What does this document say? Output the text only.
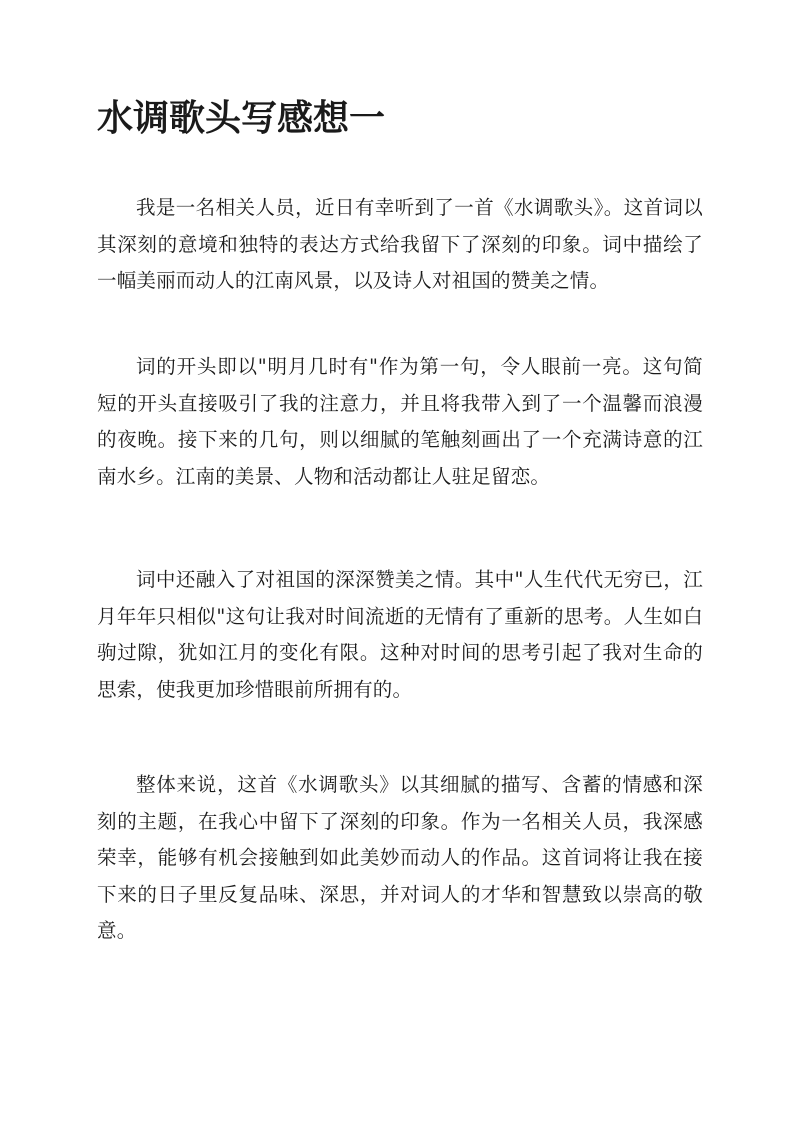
水调歌头写感想一

我是一名相关人员，近日有幸听到了一首《水调歌头》。这首词以其深刻的意境和独特的表达方式给我留下了深刻的印象。词中描绘了一幅美丽而动人的江南风景，以及诗人对祖国的赞美之情。

词的开头即以"明月几时有"作为第一句，令人眼前一亮。这句简短的开头直接吸引了我的注意力，并且将我带入到了一个温馨而浪漫的夜晚。接下来的几句，则以细腻的笔触刻画出了一个充满诗意的江南水乡。江南的美景、人物和活动都让人驻足留恋。

词中还融入了对祖国的深深赞美之情。其中"人生代代无穷已，江月年年只相似"这句让我对时间流逝的无情有了重新的思考。人生如白驹过隙，犹如江月的变化有限。这种对时间的思考引起了我对生命的思索，使我更加珍惜眼前所拥有的。

整体来说，这首《水调歌头》以其细腻的描写、含蓄的情感和深刻的主题，在我心中留下了深刻的印象。作为一名相关人员，我深感荣幸，能够有机会接触到如此美妙而动人的作品。这首词将让我在接下来的日子里反复品味、深思，并对词人的才华和智慧致以崇高的敬意。
